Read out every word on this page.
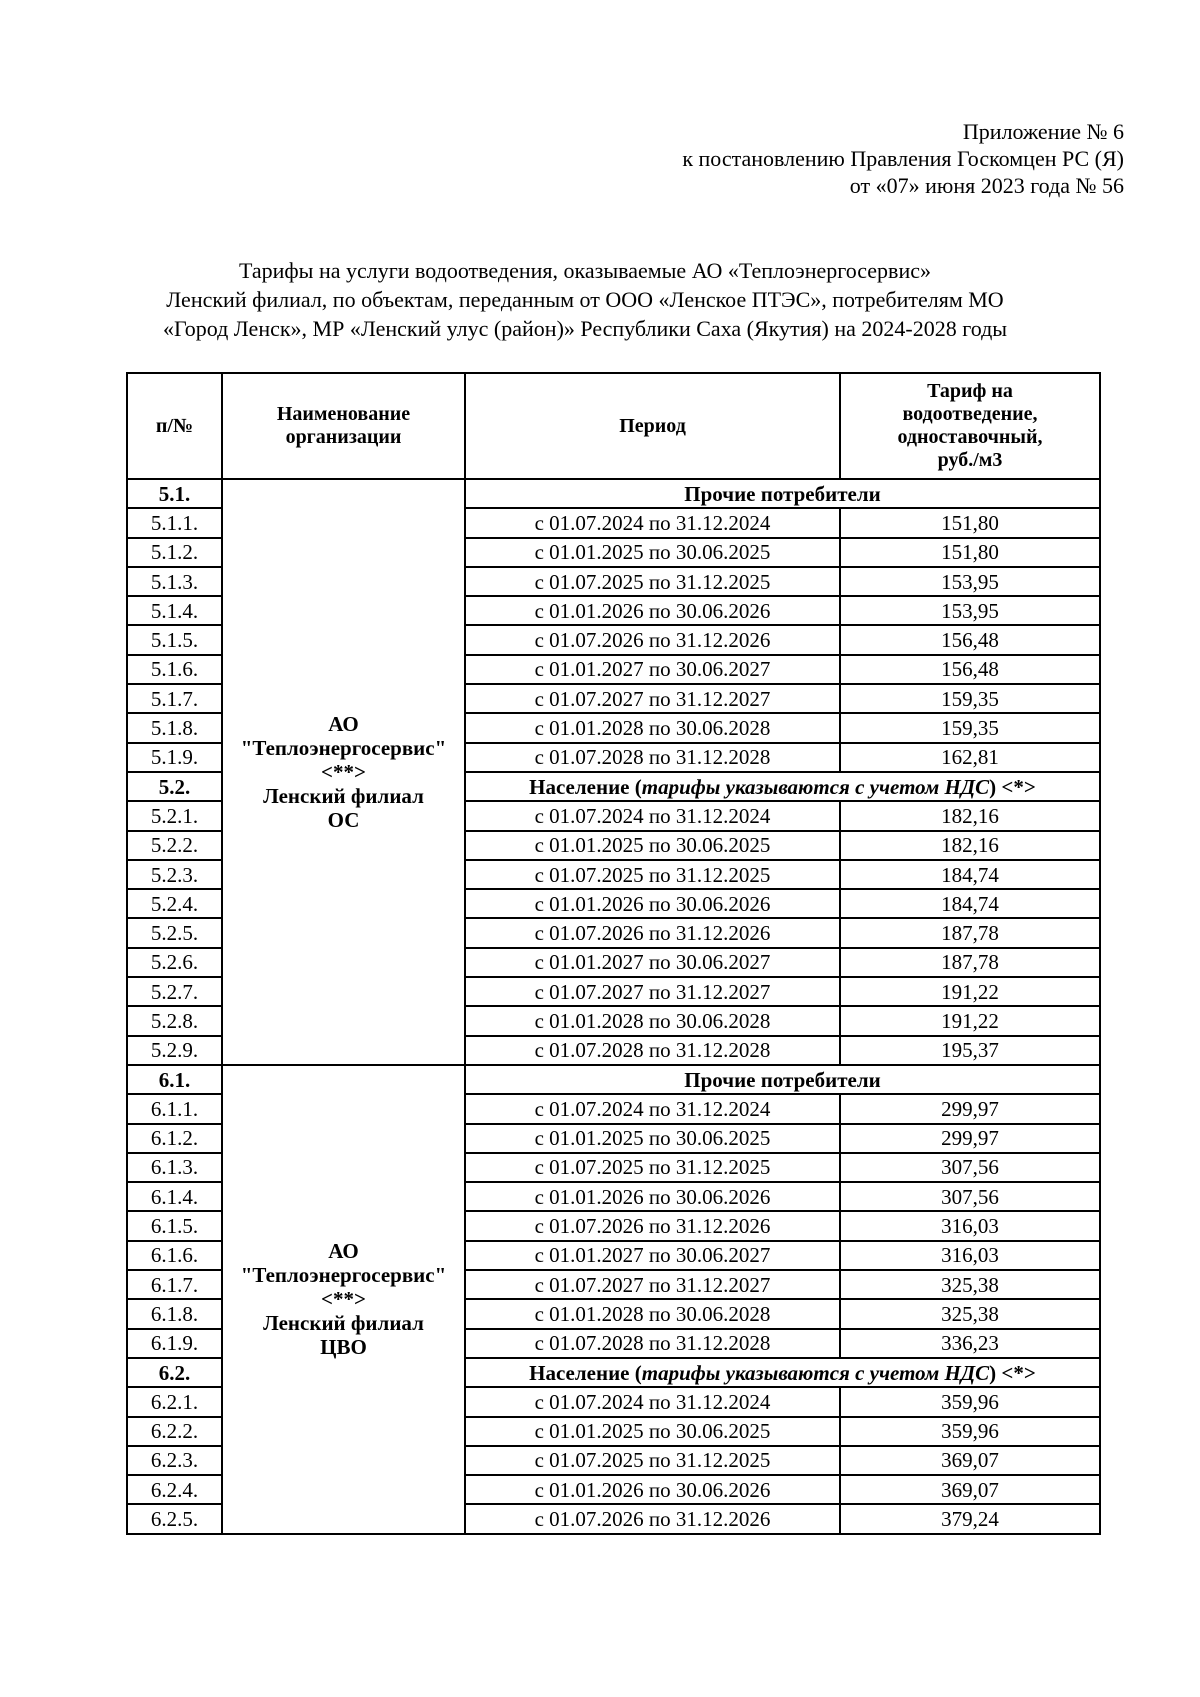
Приложение № 6
к постановлению Правления Госкомцен РС (Я)
от «07» июня 2023 года № 56
Тарифы на услуги водоотведения, оказываемые АО «Теплоэнергосервис»
Ленский филиал, по объектам, переданным от ООО «Ленское ПТЭС», потребителям МО
«Город Ленск», МР «Ленский улус (район)» Республики Саха (Якутия) на 2024-2028 годы
п/№	Наименование организации	Период	Тариф на водоотведение, одноставочный, руб./м3
5.1.	АО
"Теплоэнергосервис"
<**>
Ленский филиал
ОС	Прочие потребители	
5.1.1.		с 01.07.2024 по 31.12.2024	151,80
5.1.2.		с 01.01.2025 по 30.06.2025	151,80
5.1.3.		с 01.07.2025 по 31.12.2025	153,95
5.1.4.		с 01.01.2026 по 30.06.2026	153,95
5.1.5.		с 01.07.2026 по 31.12.2026	156,48
5.1.6.		с 01.01.2027 по 30.06.2027	156,48
5.1.7.		с 01.07.2027 по 31.12.2027	159,35
5.1.8.		с 01.01.2028 по 30.06.2028	159,35
5.1.9.		с 01.07.2028 по 31.12.2028	162,81
5.2.		Население (тарифы указываются с учетом НДС) <*>	
5.2.1.		с 01.07.2024 по 31.12.2024	182,16
5.2.2.		с 01.01.2025 по 30.06.2025	182,16
5.2.3.		с 01.07.2025 по 31.12.2025	184,74
5.2.4.		с 01.01.2026 по 30.06.2026	184,74
5.2.5.		с 01.07.2026 по 31.12.2026	187,78
5.2.6.		с 01.01.2027 по 30.06.2027	187,78
5.2.7.		с 01.07.2027 по 31.12.2027	191,22
5.2.8.		с 01.01.2028 по 30.06.2028	191,22
5.2.9.		с 01.07.2028 по 31.12.2028	195,37
6.1.	АО
"Теплоэнергосервис"
<**>
Ленский филиал
ЦВО	Прочие потребители	
6.1.1.		с 01.07.2024 по 31.12.2024	299,97
6.1.2.		с 01.01.2025 по 30.06.2025	299,97
6.1.3.		с 01.07.2025 по 31.12.2025	307,56
6.1.4.		с 01.01.2026 по 30.06.2026	307,56
6.1.5.		с 01.07.2026 по 31.12.2026	316,03
6.1.6.		с 01.01.2027 по 30.06.2027	316,03
6.1.7.		с 01.07.2027 по 31.12.2027	325,38
6.1.8.		с 01.01.2028 по 30.06.2028	325,38
6.1.9.		с 01.07.2028 по 31.12.2028	336,23
6.2.		Население (тарифы указываются с учетом НДС) <*>	
6.2.1.		с 01.07.2024 по 31.12.2024	359,96
6.2.2.		с 01.01.2025 по 30.06.2025	359,96
6.2.3.		с 01.07.2025 по 31.12.2025	369,07
6.2.4.		с 01.01.2026 по 30.06.2026	369,07
6.2.5.		с 01.07.2026 по 31.12.2026	379,24
